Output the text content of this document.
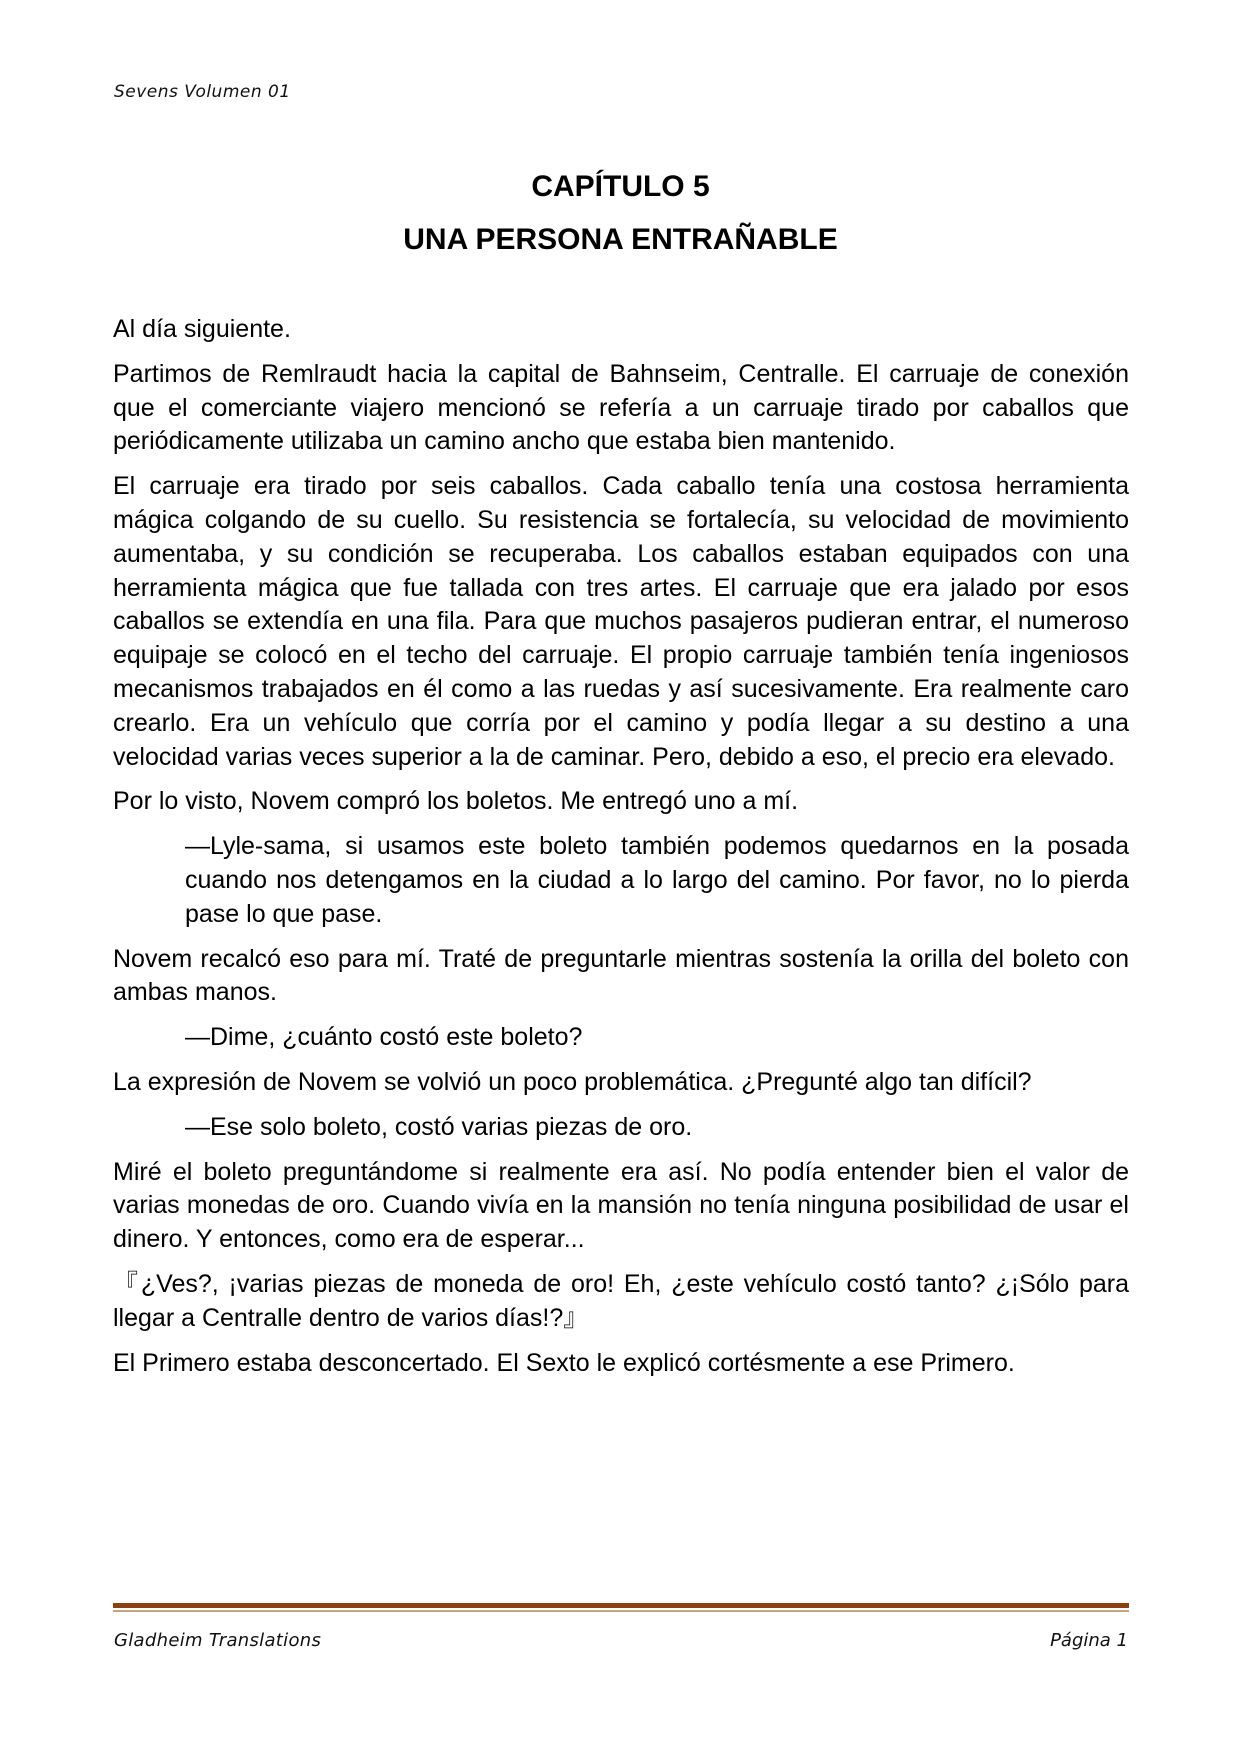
Sevens Volumen 01
CAPÍTULO 5
UNA PERSONA ENTRAÑABLE

Al día siguiente.

Partimos de Remlraudt hacia la capital de Bahnseim, Centralle. El carruaje de conexión que el comerciante viajero mencionó se refería a un carruaje tirado por caballos que periódicamente utilizaba un camino ancho que estaba bien mantenido.

El carruaje era tirado por seis caballos. Cada caballo tenía una costosa herramienta mágica colgando de su cuello. Su resistencia se fortalecía, su velocidad de movimiento aumentaba, y su condición se recuperaba. Los caballos estaban equipados con una herramienta mágica que fue tallada con tres artes. El carruaje que era jalado por esos caballos se extendía en una fila. Para que muchos pasajeros pudieran entrar, el numeroso equipaje se colocó en el techo del carruaje. El propio carruaje también tenía ingeniosos mecanismos trabajados en él como a las ruedas y así sucesivamente. Era realmente caro crearlo. Era un vehículo que corría por el camino y podía llegar a su destino a una velocidad varias veces superior a la de caminar. Pero, debido a eso, el precio era elevado.

Por lo visto, Novem compró los boletos. Me entregó uno a mí.

—Lyle-sama, si usamos este boleto también podemos quedarnos en la posada cuando nos detengamos en la ciudad a lo largo del camino. Por favor, no lo pierda pase lo que pase.

Novem recalcó eso para mí. Traté de preguntarle mientras sostenía la orilla del boleto con ambas manos.

—Dime, ¿cuánto costó este boleto?

La expresión de Novem se volvió un poco problemática. ¿Pregunté algo tan difícil?

—Ese solo boleto, costó varias piezas de oro.

Miré el boleto preguntándome si realmente era así. No podía entender bien el valor de varias monedas de oro. Cuando vivía en la mansión no tenía ninguna posibilidad de usar el dinero. Y entonces, como era de esperar...

『¿Ves?, ¡varias piezas de moneda de oro! Eh, ¿este vehículo costó tanto? ¿¡Sólo para llegar a Centralle dentro de varios días!?』

El Primero estaba desconcertado. El Sexto le explicó cortésmente a ese Primero.

Gladheim Translations	Página 1
